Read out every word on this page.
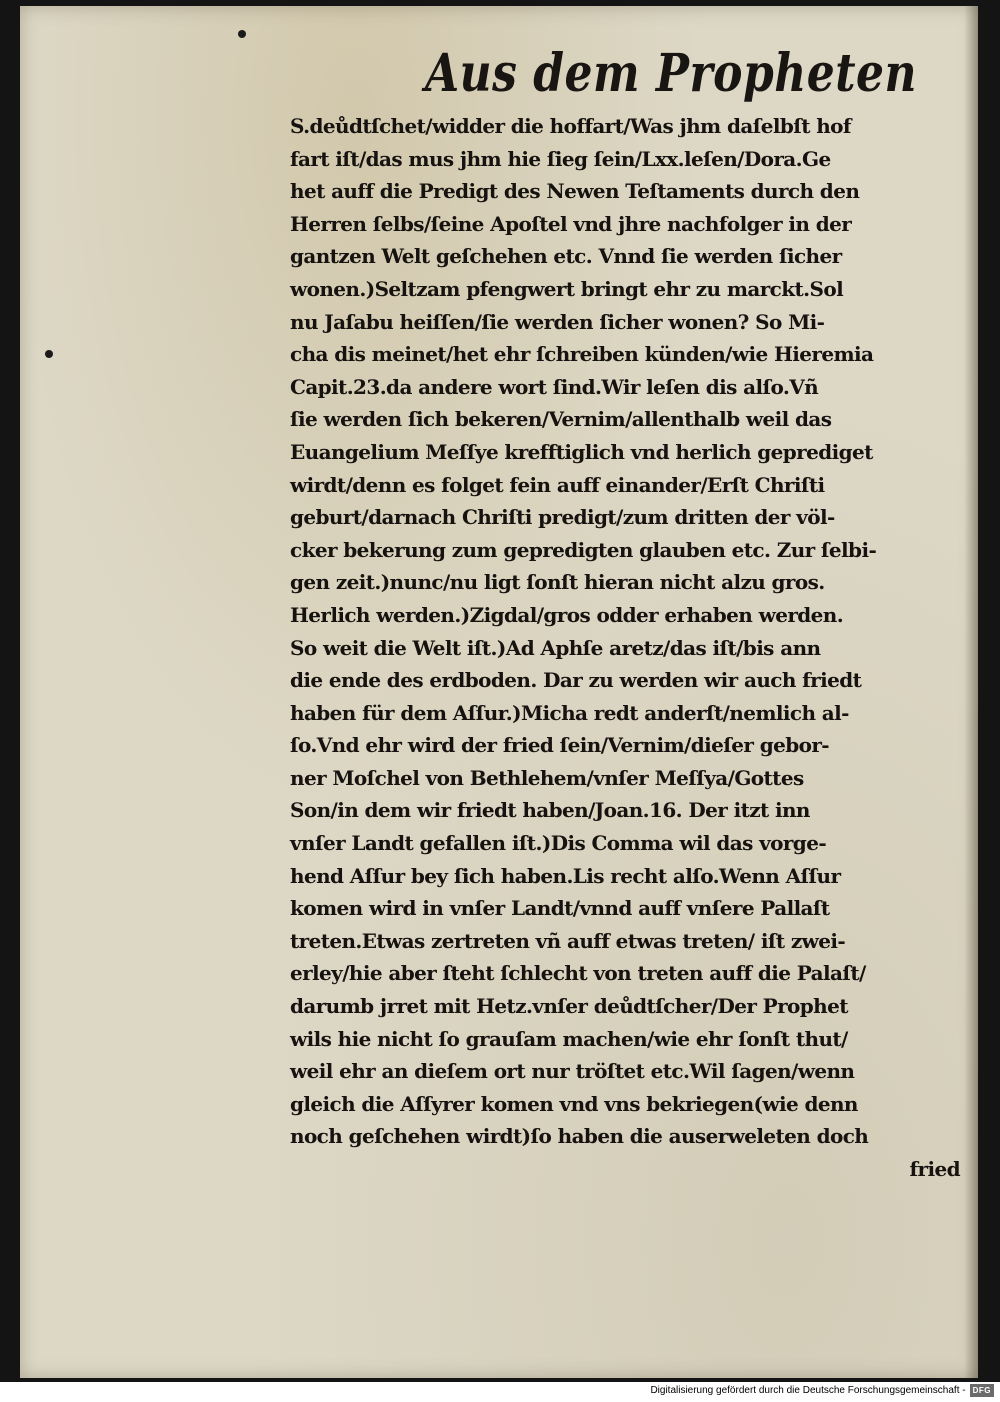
Aus dem Propheten
S.deůdtſchet/widder die hoffart/Was jhm daſelbſt hof
fart iſt/das mus jhm hie ſieg ſein/Lxx.leſen/Dora.Ge
het auff die Predigt des Newen Teſtaments durch den
Herren ſelbs/ſeine Apoſtel vnd jhre nachfolger in der
gantzen Welt geſchehen etc. Vnnd ſie werden ſicher
wonen.)Seltzam pfengwert bringt ehr zu marckt.Sol
nu Jaſabu heiſſen/ſie werden ſicher wonen? So Mi-
cha dis meinet/het ehr ſchreiben künden/wie Hieremia
Capit.23.da andere wort ſind.Wir leſen dis alſo.Vñ
ſie werden ſich bekeren/Vernim/allenthalb weil das
Euangelium Meſſye krefftiglich vnd herlich geprediget
wirdt/denn es folget fein auff einander/Erſt Chriſti
geburt/darnach Chriſti predigt/zum dritten der völ-
cker bekerung zum gepredigten glauben etc. Zur ſelbi-
gen zeit.)nunc/nu ligt ſonſt hieran nicht alzu gros.
Herlich werden.)Zigdal/gros odder erhaben werden.
So weit die Welt iſt.)Ad Aphſe aretz/das iſt/bis ann
die ende des erdboden. Dar zu werden wir auch friedt
haben für dem Aſſur.)Micha redt anderſt/nemlich al-
ſo.Vnd ehr wird der fried ſein/Vernim/dieſer gebor-
ner Moſchel von Bethlehem/vnſer Meſſya/Gottes
Son/in dem wir friedt haben/Joan.16. Der itzt inn
vnſer Landt gefallen iſt.)Dis Comma wil das vorge-
hend Aſſur bey ſich haben.Lis recht alſo.Wenn Aſſur
komen wird in vnſer Landt/vnnd auff vnſere Pallaſt
treten.Etwas zertreten vñ auff etwas treten/ iſt zwei-
erley/hie aber ſteht ſchlecht von treten auff die Palaſt/
darumb jrret mit Hetz.vnſer deůdtſcher/Der Prophet
wils hie nicht ſo grauſam machen/wie ehr ſonſt thut/
weil ehr an dieſem ort nur tröſtet etc.Wil ſagen/wenn
gleich die Aſſyrer komen vnd vns bekriegen(wie denn
noch geſchehen wirdt)ſo haben die auserweleten doch
fried
Digitalisierung gefördert durch die Deutsche Forschungsgemeinschaft - DFG
